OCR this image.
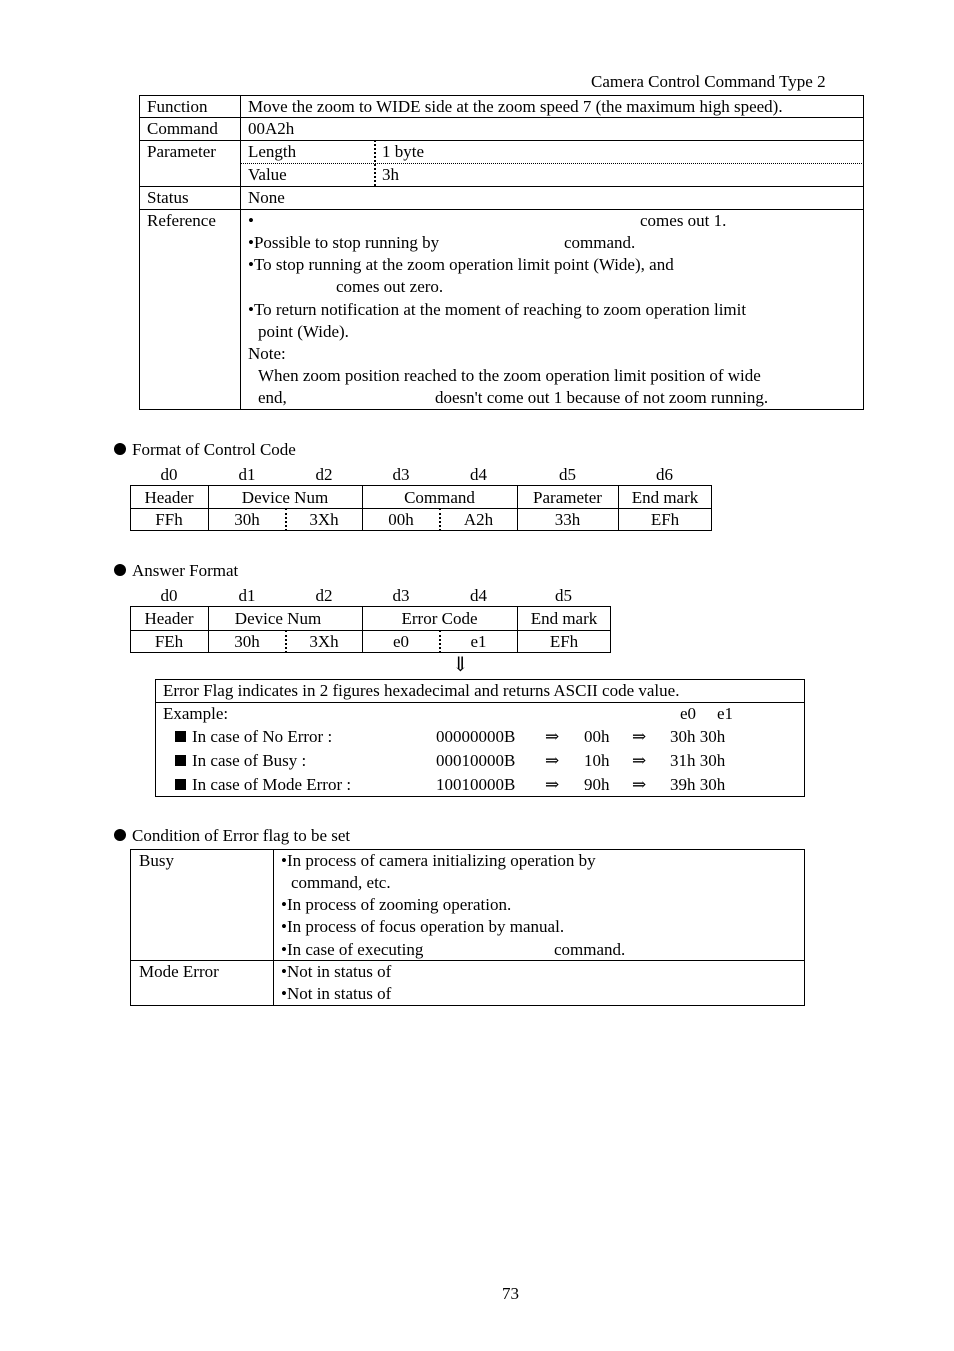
Camera Control Command Type 2
Function Move the zoom to WIDE side at the zoom speed 7 (the maximum high speed).
Command 00A2h
Parameter Length	1 byte
Value	3h
Status	None
Reference •	comes out 1.
•Possible to stop running by	command.
•To stop running at the zoom operation limit point (Wide), and
comes out zero.
•To return notification at the moment of reaching to zoom operation limit
point (Wide).
Note:
When zoom position reached to the zoom operation limit position of wide
end,	doesn't come out 1 because of not zoom running.
Format of Control Code
d0	d1	d2	d3	d4	d5	d6
Header	Device Num	Command	Parameter	End mark
FFh	30h	3Xh	00h	A2h	33h	EFh
Answer Format
d0	d1	d2	d3	d4	d5
Header	Device Num	Error Code	End mark
FEh	30h	3Xh	e0	e1	EFh
⇓
Error Flag indicates in 2 figures hexadecimal and returns ASCII code value.
Example:	e0 e1
In case of No Error :	00000000B ⇒ 00h ⇒ 30h 30h
In case of Busy :	00010000B ⇒ 10h ⇒ 31h 30h
In case of Mode Error :	10010000B ⇒ 90h ⇒ 39h 30h
Condition of Error flag to be set
Busy	•In process of camera initializing operation by
command, etc.
•In process of zooming operation.
•In process of focus operation by manual.
•In case of executing	command.
Mode Error	•Not in status of
•Not in status of
73
